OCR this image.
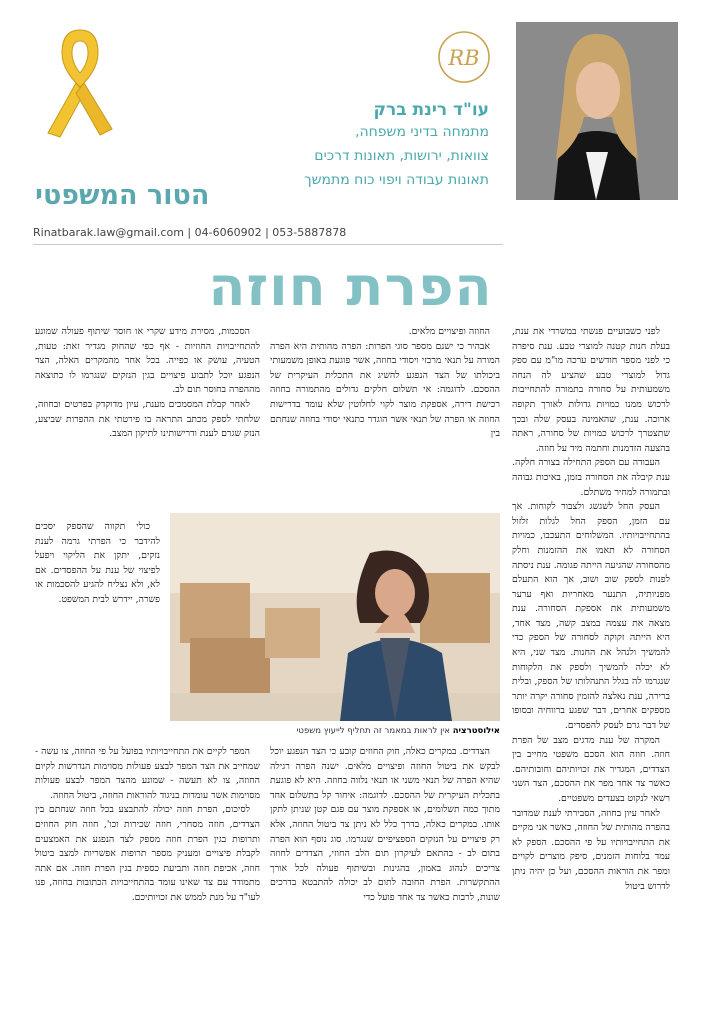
RB
עו"ד רינת ברק
מתמחה בדיני משפחה,
צוואות, ירושות, תאונות דרכים
תאונות עבודה ויפוי כוח מתמשך
הטור המשפטי
Rinatbarak.law@gmail.com | 04-6060902 | 053-5887878
הפרת חוזה

לפני כשבועיים פנשתי במשרדי את ענת, בעלת חנות קטנה למוצרי טבע. ענת סיפרה כי לפני מספר חודשים ערכה מו"מ עם ספק גדול למוצרי טבע שהציע לה הנחה משמעותית על סחורה בתמורה להתחייבות לרכוש ממנו כמויות גדולות לאורך תקופה ארוכה. ענת, שהאמינה בעסק שלה ובכך שתצטרך לרכוש כמויות של סחורה, ראתה בהצעה הזדמנות וחתמה מיד על חוזה.

העבודה עם הספק התחילה בצורה חלקה. ענת קיבלה את הסחורה בזמן, באיכות גבוהה ובתמורה למחיר משתלם.

העסק החל לשגשג ולצבור לקוחות. אך עם הזמן, הספק החל לגלות זלזול בהתחייבויותיו. המשלוחים התעכבו, כמויות הסחורה לא תאמו את ההזמנות וחלק מהסחורה שהגיעה הייתה פגומה. ענת ניסתה לפנות לספק שוב ושוב, אך הוא התעלם מפניותיה, התנער מאחריות ואף ערער משמעותית את אספקת הסחורה. ענת מצאה את עצמה במצב קשה, מצד אחד, היא הייתה זקוקה לסחורה של הספק כדי להמשיך ולנהל את החנות. מצד שני, היא לא יכלה להמשיך ולספק את הלקוחות שנגרמו לה בגלל התנהלותו של הספק, ובלית ברירה, ענת נאלצה להזמין סחורה יקרה יותר מספקים אחרים, דבר שפגע ברווחיה ובסופו של דבר גרם לעסק להפסדים.

המקרה של ענת מדגים מצב של הפרת חוזה. חוזה הוא הסכם משפטי מחייב בין הצדדים, המגדיר את זכויותיהם וחובותיהם. כאשר צד אחד מפר את ההסכם, הצד השני רשאי לנקוט בצעדים משפטיים.

לאחר עיון בחוזה, הסבירתי לענת שמדובר בהפרה מהותית של החוזה, כאשר אני מקיים את התחייבויותיו על פי ההסכם. הספק לא עמד בלוחות הזמנים, סיפק מוצרים לקויים ומפר את הוראות ההסכם, ועל כן יהיה ניתן לדרוש ביטול

החוזה ופיצויים מלאים.

אבהיר כי ישנם מספר סוגי הפרות: הפרה מהותית היא הפרה המורה על תנאי מרכזי ויסודי בחוזה, אשר פוגעת באופן משמעותי ביכולתו של הצד הנפגע להשיג את התכלית העיקרית של ההסכם. לדוגמה: אי תשלום חלקים גדולים מהתמורה בחוזה רכישת דירה, אספקת מוצר לקוי לחלוטין שלא עומד בדרישות החוזה או הפרה של תנאי אשר הוגדר כתנאי יסודי בחוזה שנחתם בין

הסכמות, מסירת מידע שקרי או חוסר שיתוף פעולה שמונע להתחייבויות החוזיות - אף כפי שהחוק מגדיר זאת: טעות, הטעיה, עושק או כפייה. בכל אחד מהמקרים האלה, הצד הנפגע יוכל לתבוע פיצויים בגין הנזקים שנגרמו לו כתוצאה מההפרה בחוסר תום לב.

לאחר קבלת המסמכים מענת, עיון מדוקדק בפרטים ובחוזה, שלחתי לספק מכתב התראה בו פירטתי את ההפרות שביצע, הנזק שגרם לענת ודרישותינו לתיקון המצב.

אילוסטרציה אין לראות במאמר זה תחליף לייעוץ משפטי

הצדדים. במקרים כאלה, חוק החוזים קובע כי הצד הנפגע יוכל לבקש את ביטול החוזה ופיצויים מלאים. ישנה הפרה רגילה שהיא הפרה של תנאי משני או תנאי נלווה בחוזה. היא לא פוגעת בתכלית העיקרית של ההסכם. לדוגמה: איחור קל בתשלום אחד מתוך כמה תשלומים, או אספקת מוצר עם פגם קטן שניתן לתקן אותו. במקרים כאלה, בדרך כלל לא ניתן צד ביטול החוזה, אלא רק פיצויים על הנזקים הספציפיים שנגרמו. סוג נוסף הוא הפרה בתום לב - בהתאם לעיקרון תום הלב החוזי, הצדדים לחוזה צריכים לנהוג באמון, בהגינות ובשיתוף פעולה לכל אורך ההתקשרות. הפרת החובה לתום לב יכולה להתבטא בדרכים שונות, לרבות כאשר צד אחד פועל כדי

המפר לקיים את התחייבויותיו בפועל על פי החוזה, צו עשה - שמחייב את הצד המפר לבצע פעולות מסוימות הנדרשות לקיום החוזה, צו לא תעשה - שמונע מהצד המפר לבצע פעולות מסוימות אשר עומדות בניגוד להוראות החוזה, ביטול החוזה.

לסיכום, הפרת חוזה יכולה להתבצע בכל חוזה שנחתם בין הצדדים, חוזה מסחרי, חוזה שכירות וכו', חוזה חוק החוזים ותרופות בגין הפרת חוזה מספק לצד הנפגע את האמצעים לקבלת פיצויים ומעניק מספר תרופות אפשריות למצב ביטול חוזה, אכיפת חוזה ותביעת כספית בגין הפרת חוזה. אם אתה מתמודד עם צד שאינו עומד בהתחייבויות הכתובות בחוזה, פנו לעו"ד על מנת לממש את זכויותיכם.

כולי תקווה שהספק יסכים להידבר כי הפרתי גרמה לענת נזקים, יתקן את הליקוי ויפעל לפיצוי של ענת על ההפסדים. אם לא, ולא נצליח להגיע להסכמות או פשרה, יידרש לבית המשפט.
